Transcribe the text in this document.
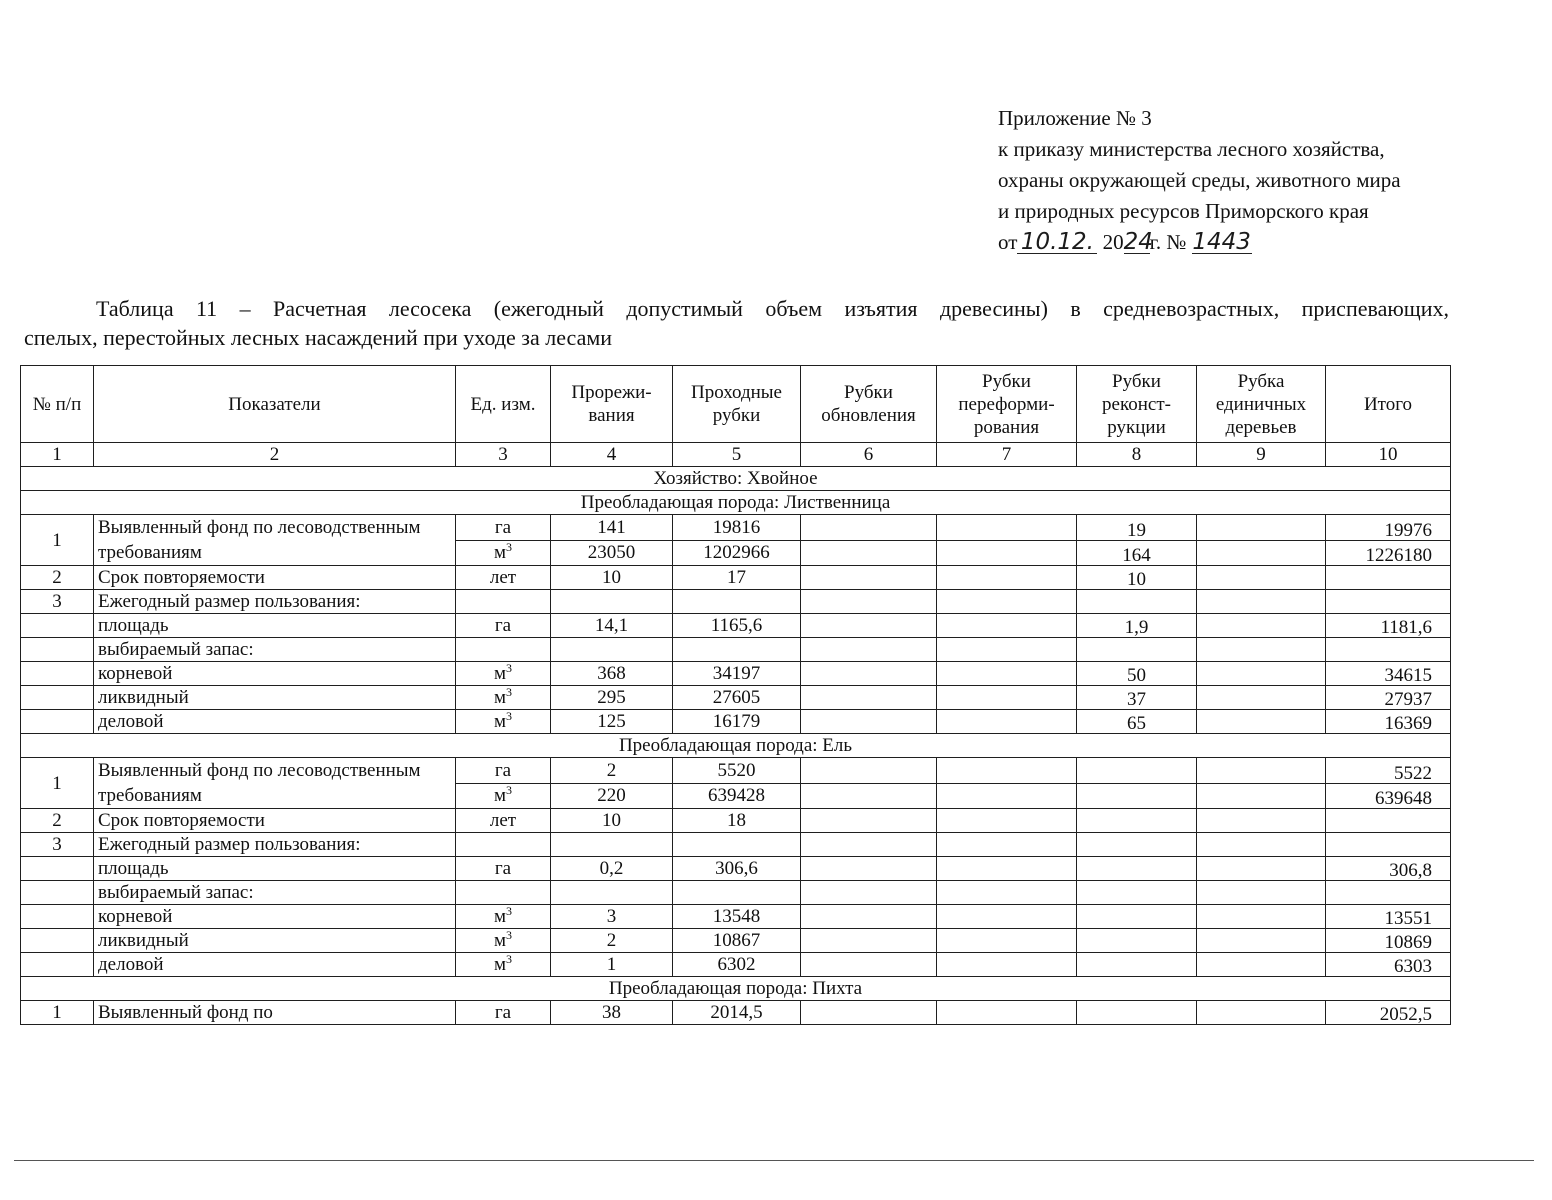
Приложение № 3
к приказу министерства лесного хозяйства,
охраны окружающей среды, животного мира
и природных ресурсов Приморского края
от 10.12. 2024г. № 1443
Таблица 11 – Расчетная лесосека (ежегодный допустимый объем изъятия древесины) в средневозрастных, приспевающих,
спелых, перестойных лесных насаждений при уходе за лесами
№ п/п	Показатели	Ед. изм.	Прорежи-вания	Проходные рубки	Рубки обновления	Рубки переформи-рования	Рубки реконст-рукции	Рубка единичных деревьев	Итого
1	2	3	4	5	6	7	8	9	10
Хозяйство: Хвойное									
Преобладающая порода: Лиственница									
1	Выявленный фонд по лесоводственным требованиям	га	141	19816			19		19976
		$м^3$	23050	1202966			164		1226180
2	Срок повторяемости	лет	10	17			10		
3	Ежегодный размер пользования:								
	площадь	га	14,1	1165,6			1,9		1181,6
	выбираемый запас:								
	корневой	$м^3$	368	34197			50		34615
	ликвидный	$м^3$	295	27605			37		27937
	деловой	$м^3$	125	16179			65		16369
Преобладающая порода: Ель									
1	Выявленный фонд по лесоводственным требованиям	га	2	5520					5522
		$м^3$	220	639428					639648
2	Срок повторяемости	лет	10	18					
3	Ежегодный размер пользования:								
	площадь	га	0,2	306,6					306,8
	выбираемый запас:								
	корневой	$м^3$	3	13548					13551
	ликвидный	$м^3$	2	10867					10869
	деловой	$м^3$	1	6302					6303
Преобладающая порода: Пихта									
1	Выявленный фонд по	га	38	2014,5					2052,5
